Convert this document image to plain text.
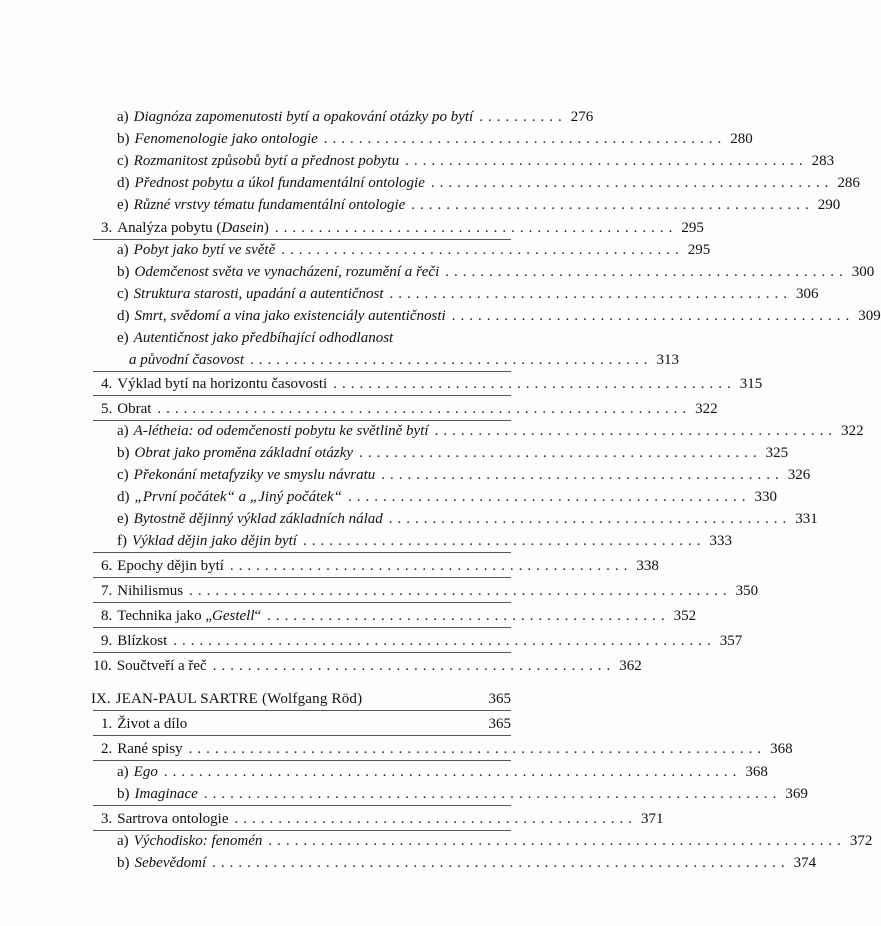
a) Diagnóza zapomenutosti bytí a opakování otázky po bytí .......... 276
b) Fenomenologie jako ontologie .............................................. 280
c) Rozmanitost způsobů bytí a přednost pobytu .............................................. 283
d) Přednost pobytu a úkol fundamentální ontologie .............................................. 286
e) Různé vrstvy tématu fundamentální ontologie .............................................. 290
3. Analýza pobytu (Dasein) .............................................. 295
a) Pobyt jako bytí ve světě .............................................. 295
b) Odemčenost světa ve vynacházení, rozumění a řeči .............................................. 300
c) Struktura starosti, upadání a autentičnost .............................................. 306
d) Smrt, svědomí a vina jako existenciály autentičnosti .............................................. 309
e) Autentičnost jako předbíhající odhodlanost
a původní časovost .............................................. 313
4. Výklad bytí na horizontu časovosti .............................................. 315
5. Obrat ............................................................. 322
a) A-létheia: od odemčenosti pobytu ke světlině bytí .............................................. 322
b) Obrat jako proměna základní otázky .............................................. 325
c) Překonání metafyziky ve smyslu návratu .............................................. 326
d) „První počátek“ a „Jiný počátek“ .............................................. 330
e) Bytostně dějinný výklad základních nálad .............................................. 331
f) Výklad dějin jako dějin bytí .............................................. 333
6. Epochy dějin bytí .............................................. 338
7. Nihilismus .............................................................. 350
8. Technika jako „Gestell“ .............................................. 352
9. Blízkost .............................................................. 357
10. Součtveří a řeč .............................................. 362
IX. JEAN-PAUL SARTRE (Wolfgang Röd)	365
1. Život a dílo	365
2. Rané spisy .................................................................. 368
a) Ego .................................................................. 368
b) Imaginace .................................................................. 369
3. Sartrova ontologie .............................................. 371
a) Východisko: fenomén .................................................................. 372
b) Sebevědomí .................................................................. 374
